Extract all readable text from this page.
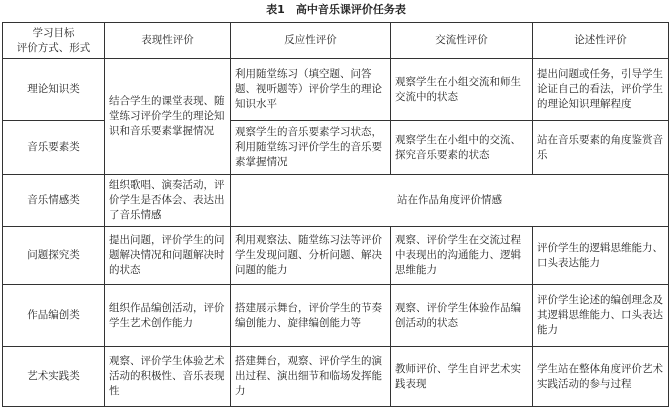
表1　高中音乐课评价任务表
学习目标
评价方式、形式	表现性评价	反应性评价	交流性评价	论述性评价
理论知识类	结合学生的课堂表现、随堂练习评价学生的理论知识和音乐要素掌握情况	利用随堂练习（填空题、问答题、视听题等）评价学生的理论知识水平	观察学生在小组交流和师生交流中的状态	提出问题或任务，引导学生论证自己的看法，评价学生的理论知识理解程度
音乐要素类		观察学生的音乐要素学习状态，利用随堂练习评价学生的音乐要素掌握情况	观察学生在小组中的交流、探究音乐要素的状态	站在音乐要素的角度鉴赏音乐
音乐情感类	组织歌唱、演奏活动，评价学生是否体会、表达出了音乐情感	站在作品角度评价情感		
问题探究类	提出问题，评价学生的问题解决情况和问题解决时的状态	利用观察法、随堂练习法等评价学生发现问题、分析问题、解决问题的能力	观察、评价学生在交流过程中表现出的沟通能力、逻辑思维能力	评价学生的逻辑思维能力、口头表达能力
作品编创类	组织作品编创活动，评价学生艺术创作能力	搭建展示舞台，评价学生的节奏编创能力、旋律编创能力等	观察、评价学生体验作品编创活动的状态	评价学生论述的编创理念及其逻辑思维能力、口头表达能力
艺术实践类	观察、评价学生体验艺术活动的积极性、音乐表现性	搭建舞台，观察、评价学生的演出过程、演出细节和临场发挥能力	教师评价、学生自评艺术实践表现	学生站在整体角度评价艺术实践活动的参与过程
